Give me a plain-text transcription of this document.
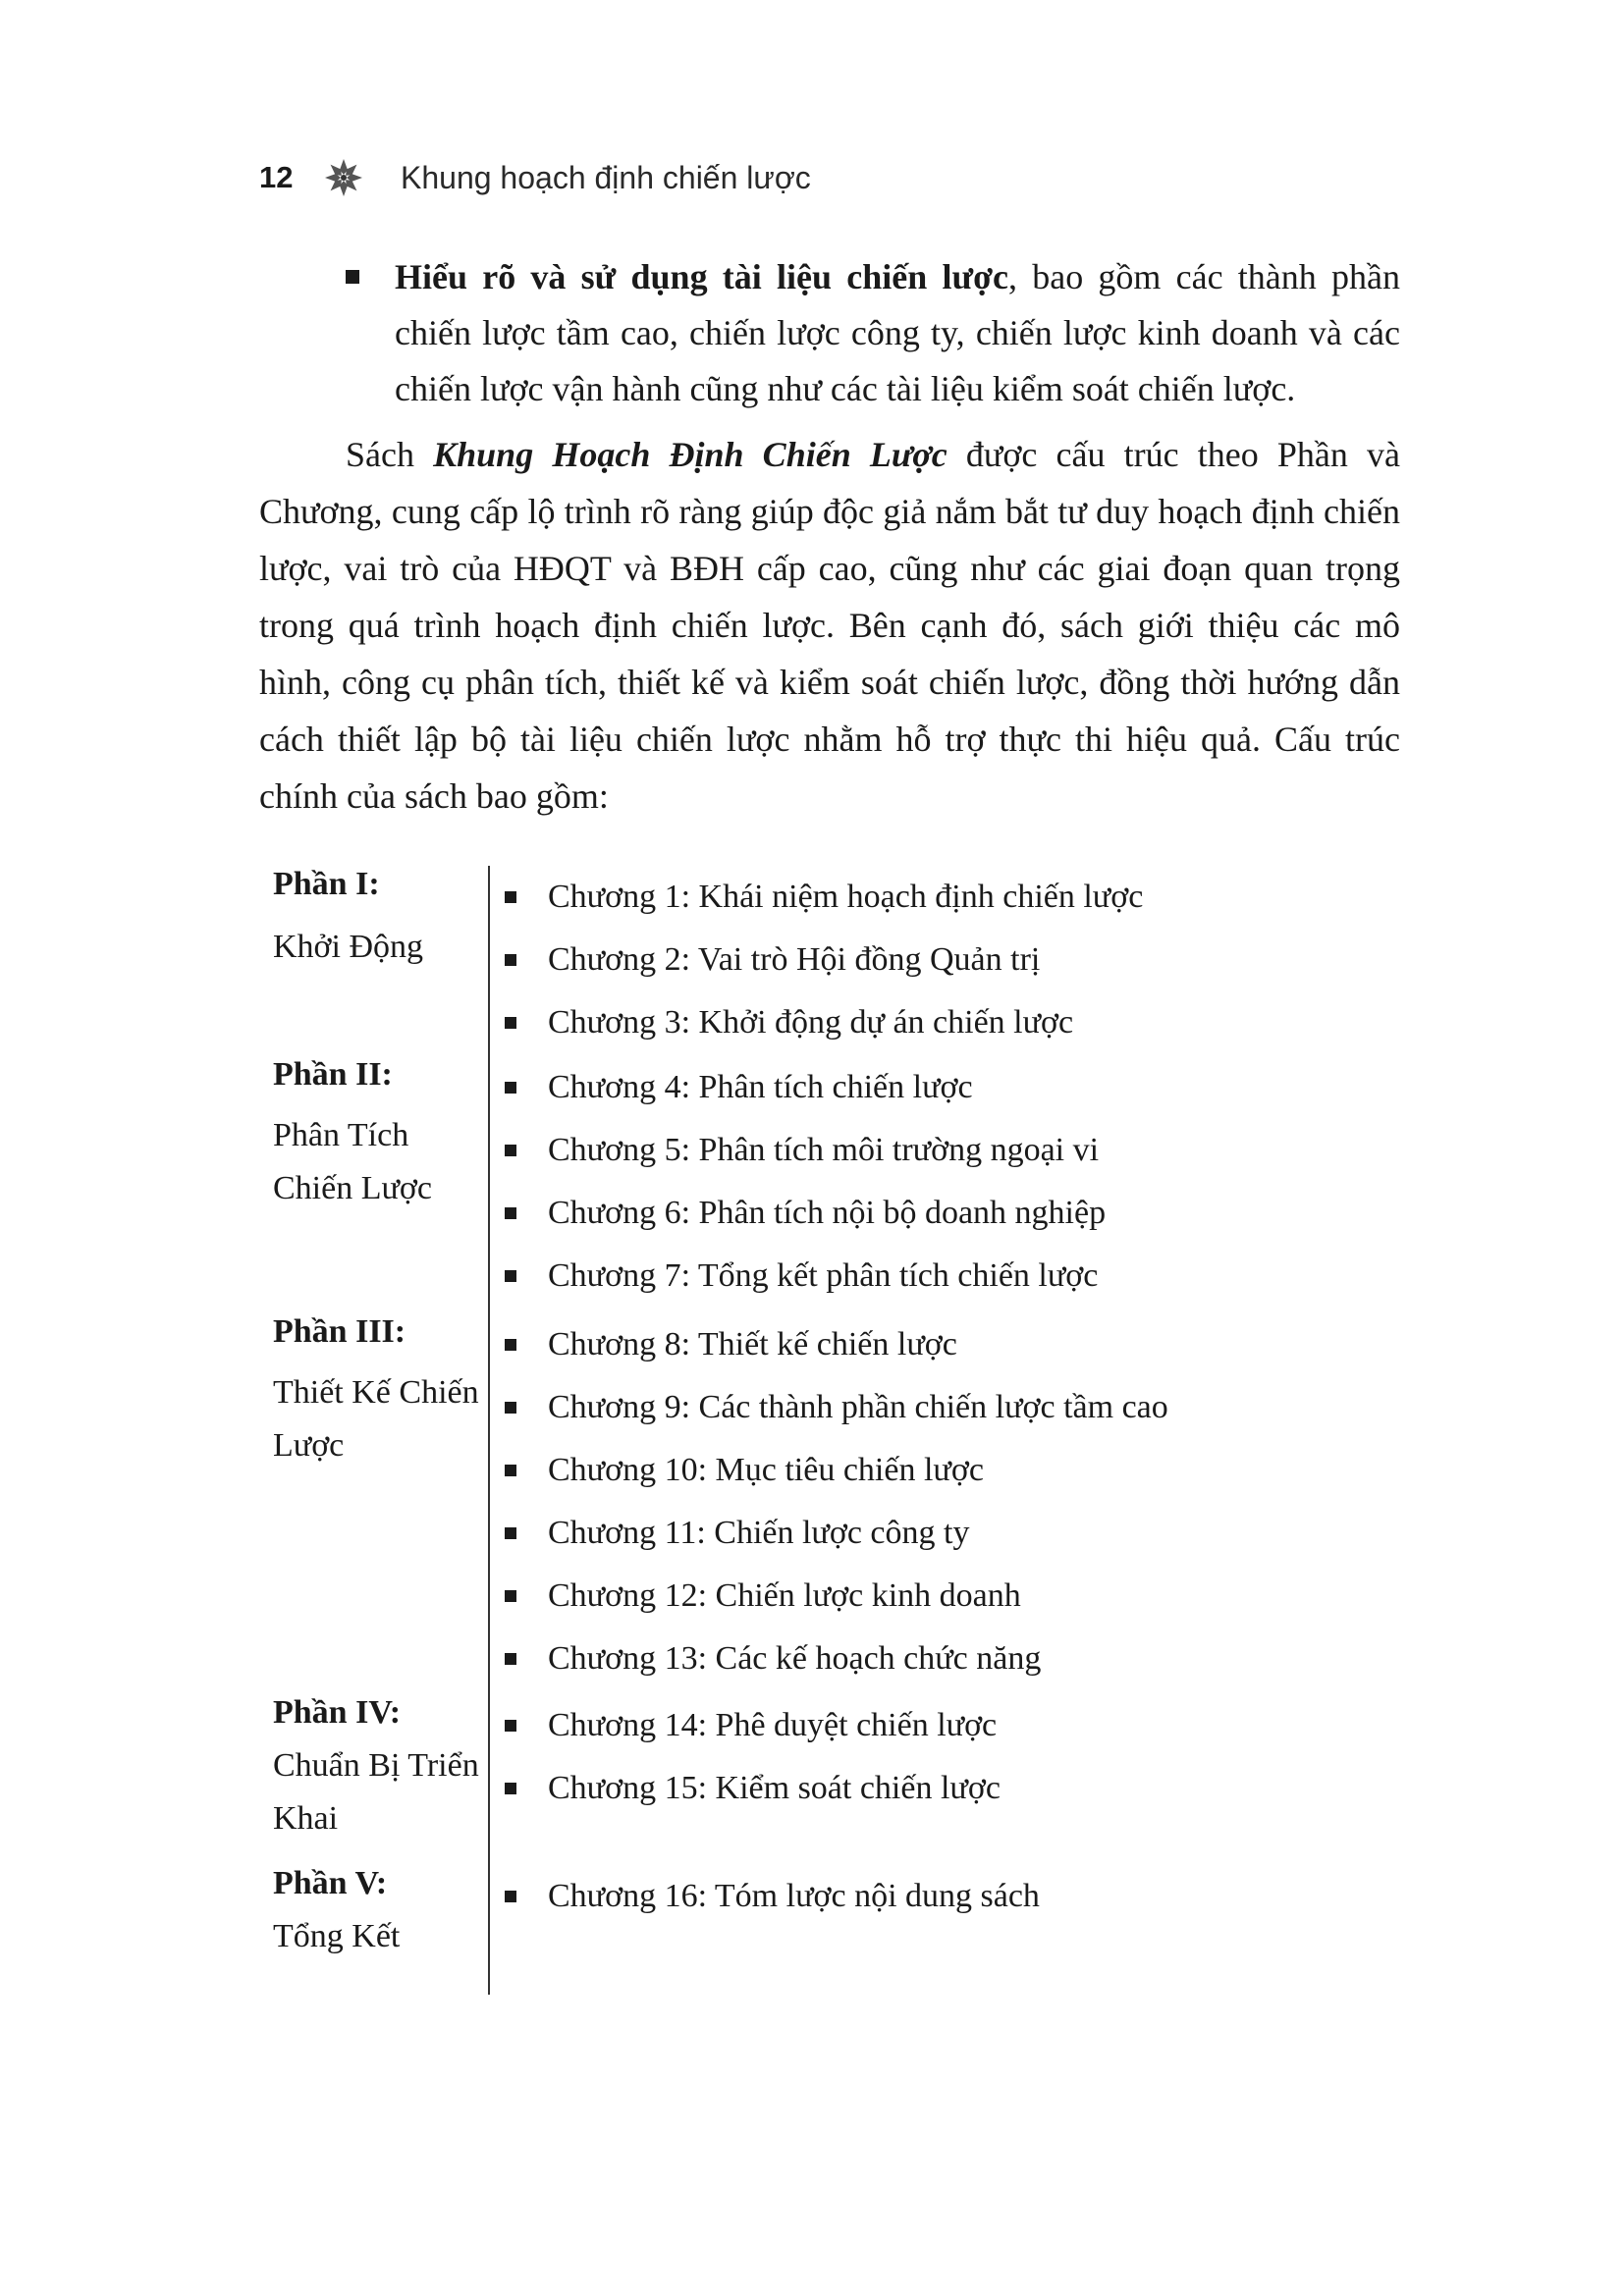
12	Khung hoạch định chiến lược
Hiểu rõ và sử dụng tài liệu chiến lược, bao gồm các thành phần chiến lược tầm cao, chiến lược công ty, chiến lược kinh doanh và các chiến lược vận hành cũng như các tài liệu kiểm soát chiến lược.

Sách Khung Hoạch Định Chiến Lược được cấu trúc theo Phần và Chương, cung cấp lộ trình rõ ràng giúp độc giả nắm bắt tư duy hoạch định chiến lược, vai trò của HĐQT và BĐH cấp cao, cũng như các giai đoạn quan trọng trong quá trình hoạch định chiến lược. Bên cạnh đó, sách giới thiệu các mô hình, công cụ phân tích, thiết kế và kiểm soát chiến lược, đồng thời hướng dẫn cách thiết lập bộ tài liệu chiến lược nhằm hỗ trợ thực thi hiệu quả. Cấu trúc chính của sách bao gồm:

Phần I:
Khởi Động
Chương 1: Khái niệm hoạch định chiến lược
Chương 2: Vai trò Hội đồng Quản trị
Chương 3: Khởi động dự án chiến lược
Phần II:
Phân Tích Chiến Lược
Chương 4: Phân tích chiến lược
Chương 5: Phân tích môi trường ngoại vi
Chương 6: Phân tích nội bộ doanh nghiệp
Chương 7: Tổng kết phân tích chiến lược
Phần III:
Thiết Kế Chiến Lược
Chương 8: Thiết kế chiến lược
Chương 9: Các thành phần chiến lược tầm cao
Chương 10: Mục tiêu chiến lược
Chương 11: Chiến lược công ty
Chương 12: Chiến lược kinh doanh
Chương 13: Các kế hoạch chức năng
Phần IV:
Chuẩn Bị Triển Khai
Chương 14: Phê duyệt chiến lược
Chương 15: Kiểm soát chiến lược
Phần V:
Tổng Kết
Chương 16: Tóm lược nội dung sách
